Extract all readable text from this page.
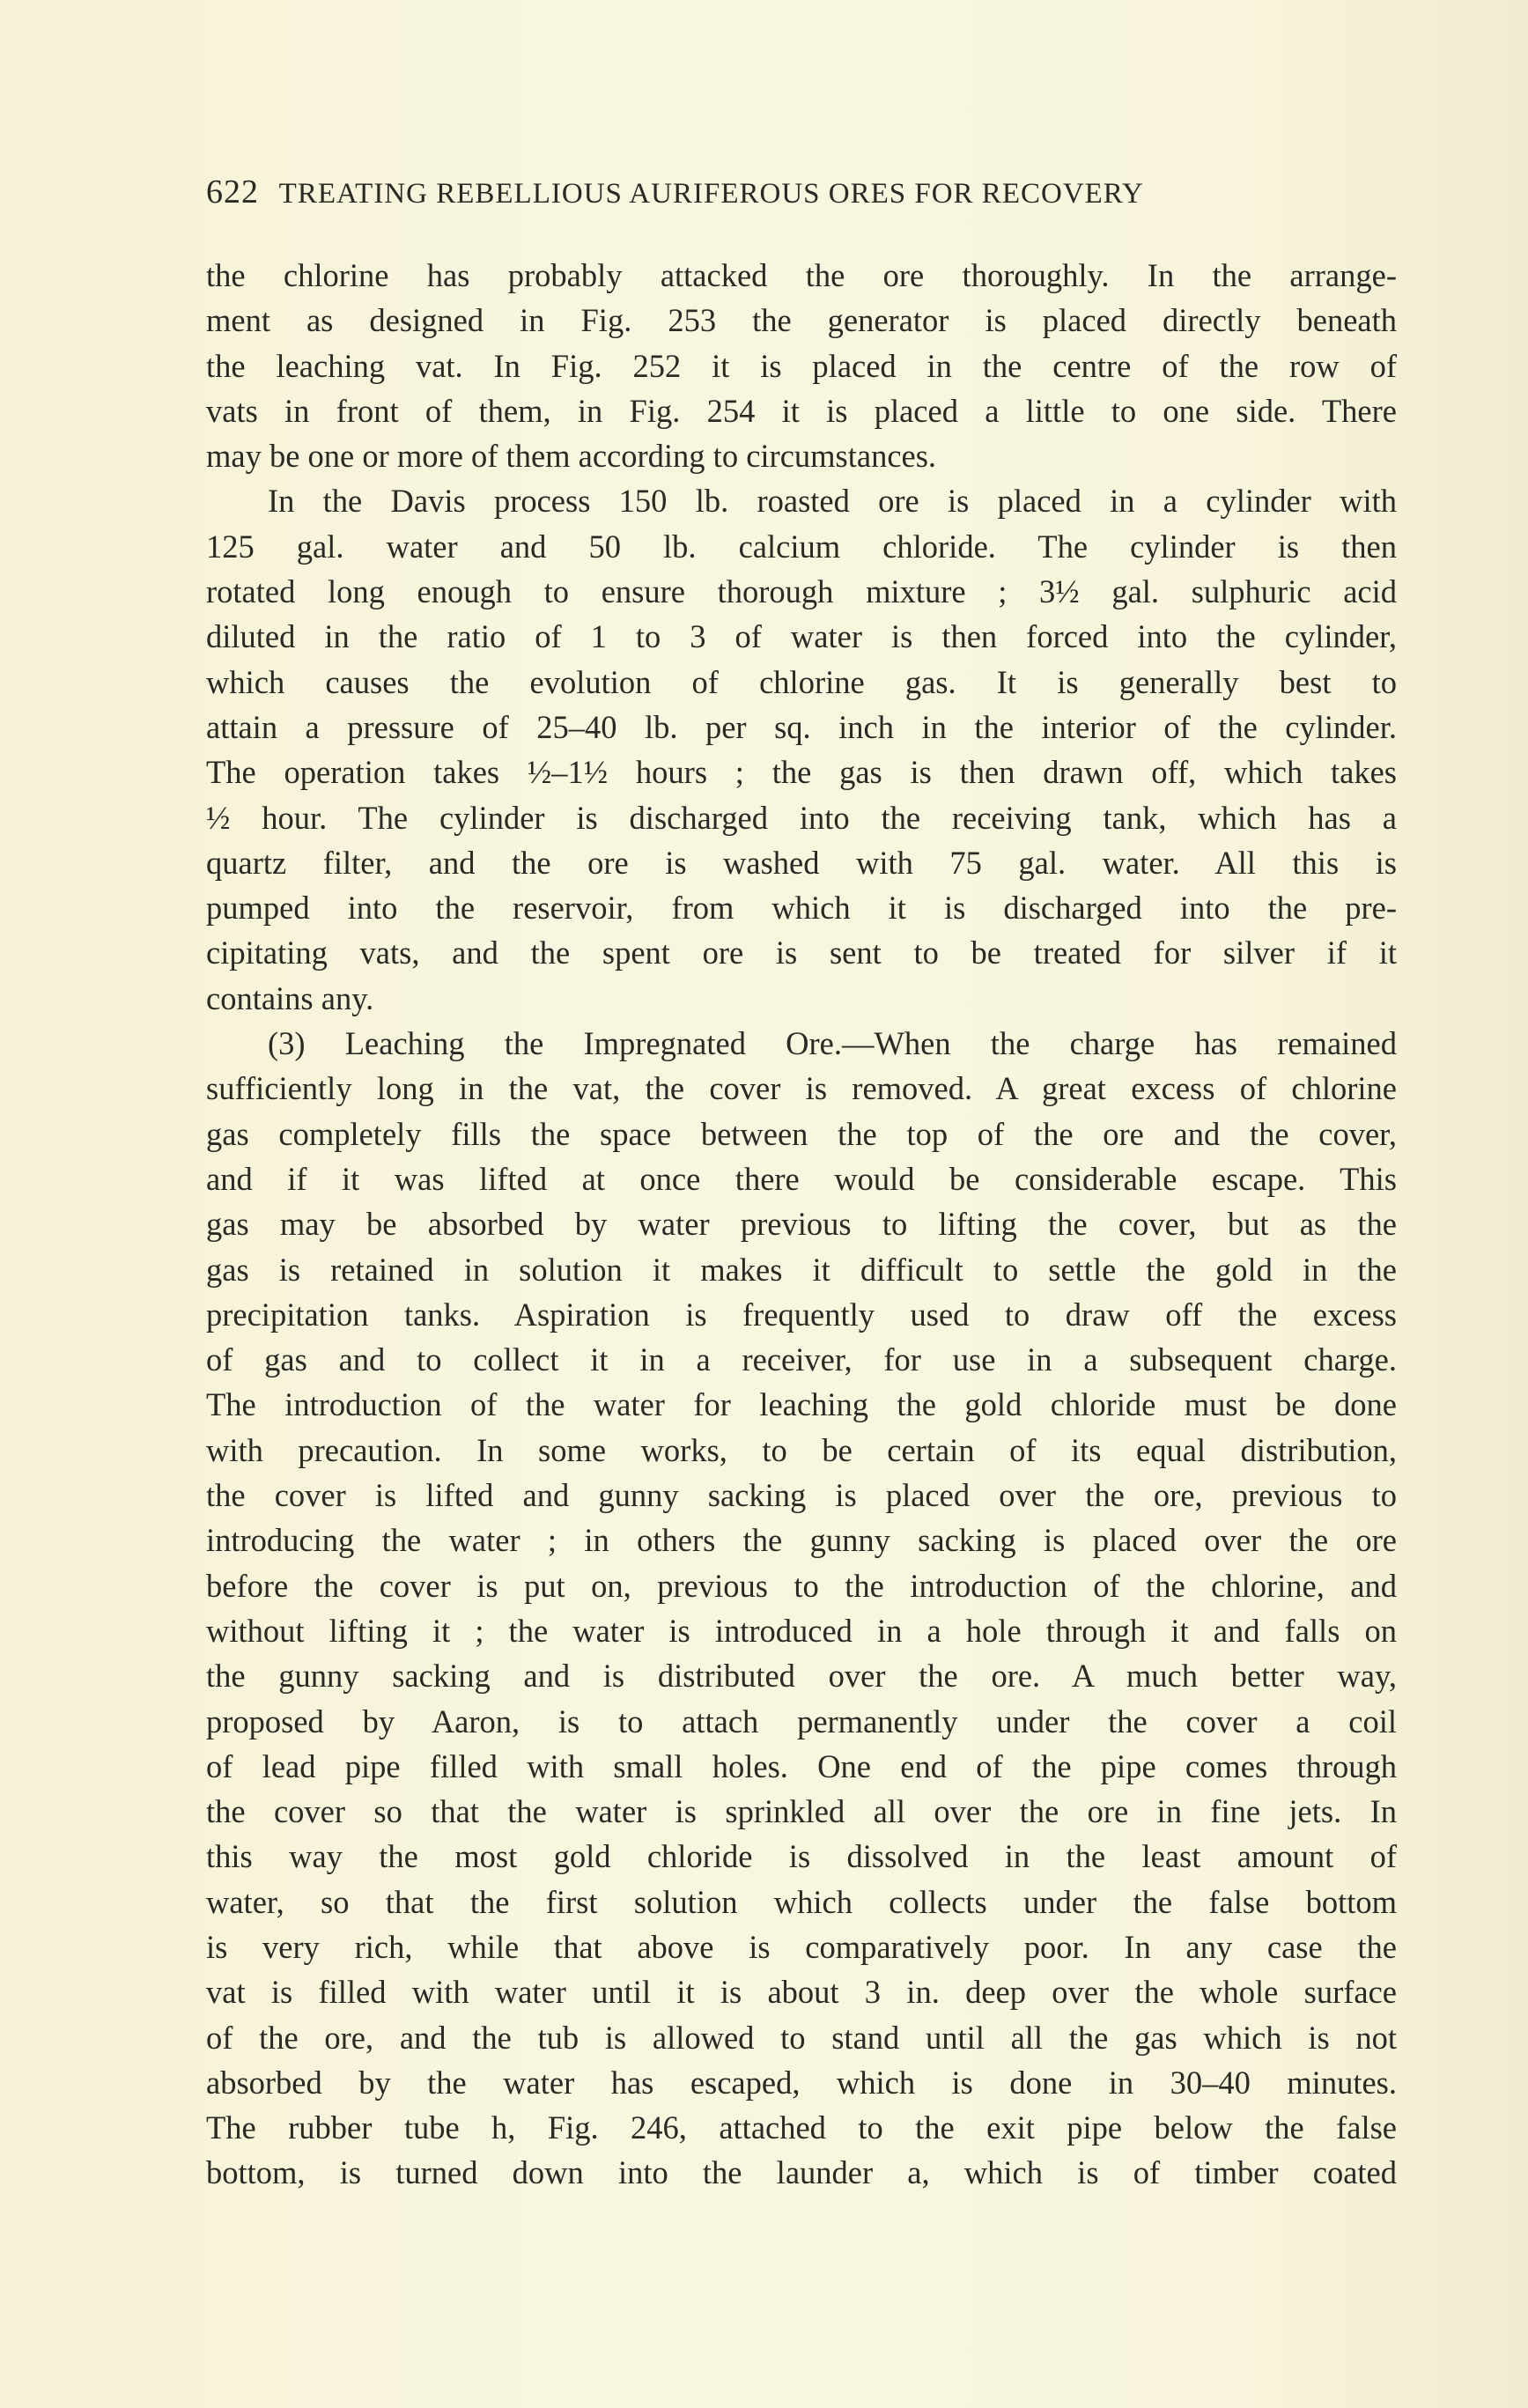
622 TREATING REBELLIOUS AURIFEROUS ORES FOR RECOVERY
the chlorine has probably attacked the ore thoroughly. In the arrange-
ment as designed in Fig. 253 the generator is placed directly beneath
the leaching vat. In Fig. 252 it is placed in the centre of the row of
vats in front of them, in Fig. 254 it is placed a little to one side. There
may be one or more of them according to circumstances.
In the Davis process 150 lb. roasted ore is placed in a cylinder with
125 gal. water and 50 lb. calcium chloride. The cylinder is then
rotated long enough to ensure thorough mixture ; 3½ gal. sulphuric acid
diluted in the ratio of 1 to 3 of water is then forced into the cylinder,
which causes the evolution of chlorine gas. It is generally best to
attain a pressure of 25–40 lb. per sq. inch in the interior of the cylinder.
The operation takes ½–1½ hours ; the gas is then drawn off, which takes
½ hour. The cylinder is discharged into the receiving tank, which has a
quartz filter, and the ore is washed with 75 gal. water. All this is
pumped into the reservoir, from which it is discharged into the pre-
cipitating vats, and the spent ore is sent to be treated for silver if it
contains any.
(3) Leaching the Impregnated Ore.—When the charge has remained
sufficiently long in the vat, the cover is removed. A great excess of chlorine
gas completely fills the space between the top of the ore and the cover,
and if it was lifted at once there would be considerable escape. This
gas may be absorbed by water previous to lifting the cover, but as the
gas is retained in solution it makes it difficult to settle the gold in the
precipitation tanks. Aspiration is frequently used to draw off the excess
of gas and to collect it in a receiver, for use in a subsequent charge.
The introduction of the water for leaching the gold chloride must be done
with precaution. In some works, to be certain of its equal distribution,
the cover is lifted and gunny sacking is placed over the ore, previous to
introducing the water ; in others the gunny sacking is placed over the ore
before the cover is put on, previous to the introduction of the chlorine, and
without lifting it ; the water is introduced in a hole through it and falls on
the gunny sacking and is distributed over the ore. A much better way,
proposed by Aaron, is to attach permanently under the cover a coil
of lead pipe filled with small holes. One end of the pipe comes through
the cover so that the water is sprinkled all over the ore in fine jets. In
this way the most gold chloride is dissolved in the least amount of
water, so that the first solution which collects under the false bottom
is very rich, while that above is comparatively poor. In any case the
vat is filled with water until it is about 3 in. deep over the whole surface
of the ore, and the tub is allowed to stand until all the gas which is not
absorbed by the water has escaped, which is done in 30–40 minutes.
The rubber tube h, Fig. 246, attached to the exit pipe below the false
bottom, is turned down into the launder a, which is of timber coated
